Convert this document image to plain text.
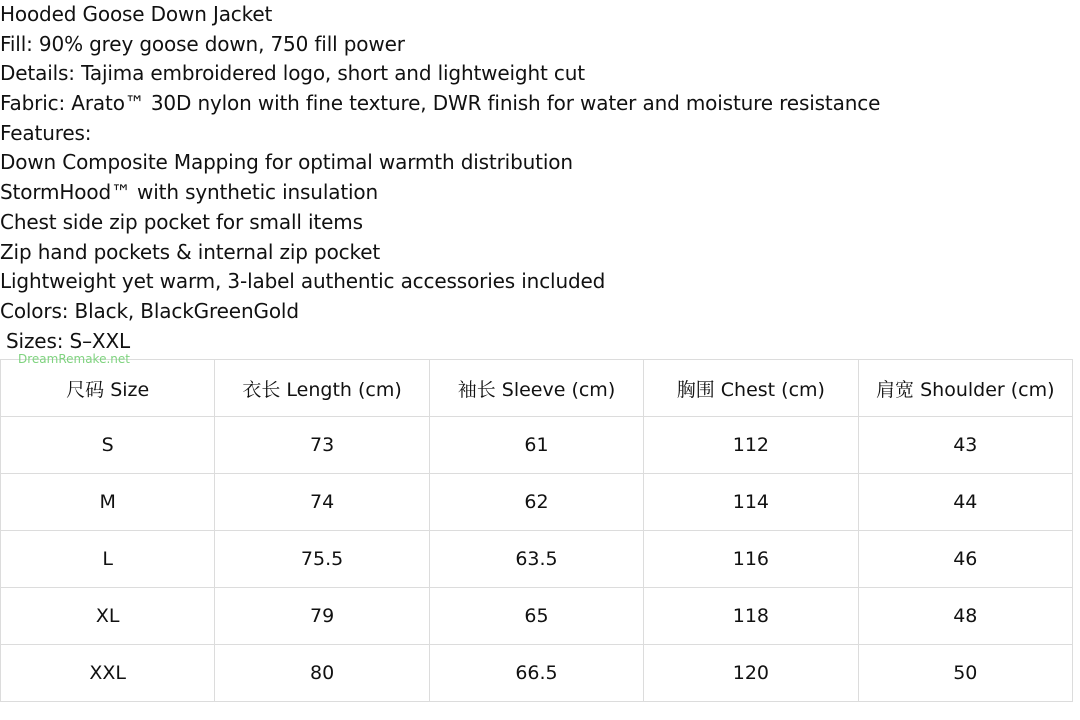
Hooded Goose Down Jacket
Fill: 90% grey goose down, 750 fill power
Details: Tajima embroidered logo, short and lightweight cut
Fabric: Arato™ 30D nylon with fine texture, DWR finish for water and moisture resistance
Features:
Down Composite Mapping for optimal warmth distribution
StormHood™ with synthetic insulation
Chest side zip pocket for small items
Zip hand pockets & internal zip pocket
Lightweight yet warm, 3-label authentic accessories included
Colors: Black, BlackGreenGold
Sizes: S–XXL
DreamRemake.net
尺码 Size	衣长 Length (cm)	袖长 Sleeve (cm)	胸围 Chest (cm)	肩宽 Shoulder (cm)
S	73	61	112	43
M	74	62	114	44
L	75.5	63.5	116	46
XL	79	65	118	48
XXL	80	66.5	120	50
